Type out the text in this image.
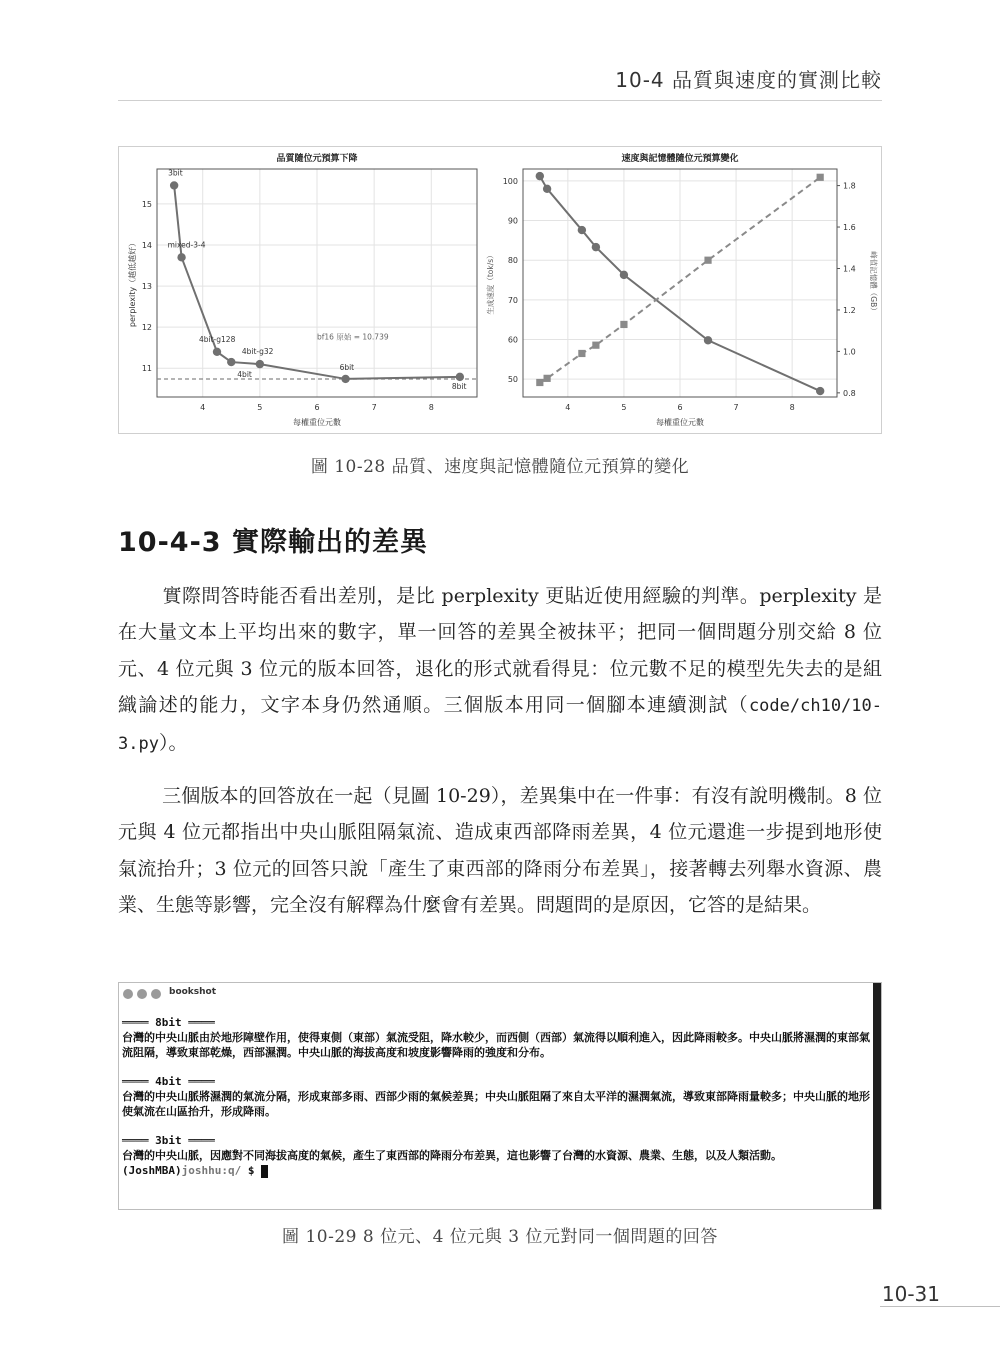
10-4 品質與速度的實測比較
4	5	6	7	8
11
12
13
14
15
bf16 原始 = 10.739
3bit
mixed-3-4
4bit-g128
4bit
4bit-g32
6bit
8bit
品質隨位元預算下降
每權重位元數
perplexity（越低越好）
4	5	6	7	8
50
60
70
80
90
100
0.8
1.0
1.2
1.4
1.6
1.8
速度與記憶體隨位元預算變化
每權重位元數
生成速度（tok/s）	峰值記憶體（GB）
圖 10-28 品質、速度與記憶體隨位元預算的變化
10-4-3 實際輸出的差異
實際問答時能否看出差別，是比 perplexity 更貼近使用經驗的判準。perplexity 是在大量文本上平均出來的數字，單一回答的差異全被抹平；把同一個問題分別交給 8 位元、4 位元與 3 位元的版本回答，退化的形式就看得見：位元數不足的模型先失去的是組織論述的能力，文字本身仍然通順。三個版本用同一個腳本連續測試（code/ch10/10-3.py）。
三個版本的回答放在一起（見圖 10-29），差異集中在一件事：有沒有說明機制。8 位元與 4 位元都指出中央山脈阻隔氣流、造成東西部降雨差異，4 位元還進一步提到地形使氣流抬升；3 位元的回答只說「產生了東西部的降雨分布差異」，接著轉去列舉水資源、農業、生態等影響，完全沒有解釋為什麼會有差異。問題問的是原因，它答的是結果。
bookshot
════ 8bit ════
台灣的中央山脈由於地形障壁作用，使得東側（東部）氣流受阻，降水較少，而西側（西部）氣流得以順利進入，因此降雨較多。中央山脈將濕潤的東部氣流阻隔，導致東部乾燥，西部濕潤。中央山脈的海拔高度和坡度影響降雨的強度和分布。
════ 4bit ════
台灣的中央山脈將濕潤的氣流分隔，形成東部多雨、西部少雨的氣候差異；中央山脈阻隔了來自太平洋的濕潤氣流，導致東部降雨量較多；中央山脈的地形使氣流在山區抬升，形成降雨。
════ 3bit ════
台灣的中央山脈，因應對不同海拔高度的氣候，產生了東西部的降雨分布差異，這也影響了台灣的水資源、農業、生態，以及人類活動。
(JoshMBA)joshhu:q/ $
圖 10-29 8 位元、4 位元與 3 位元對同一個問題的回答
10-31
